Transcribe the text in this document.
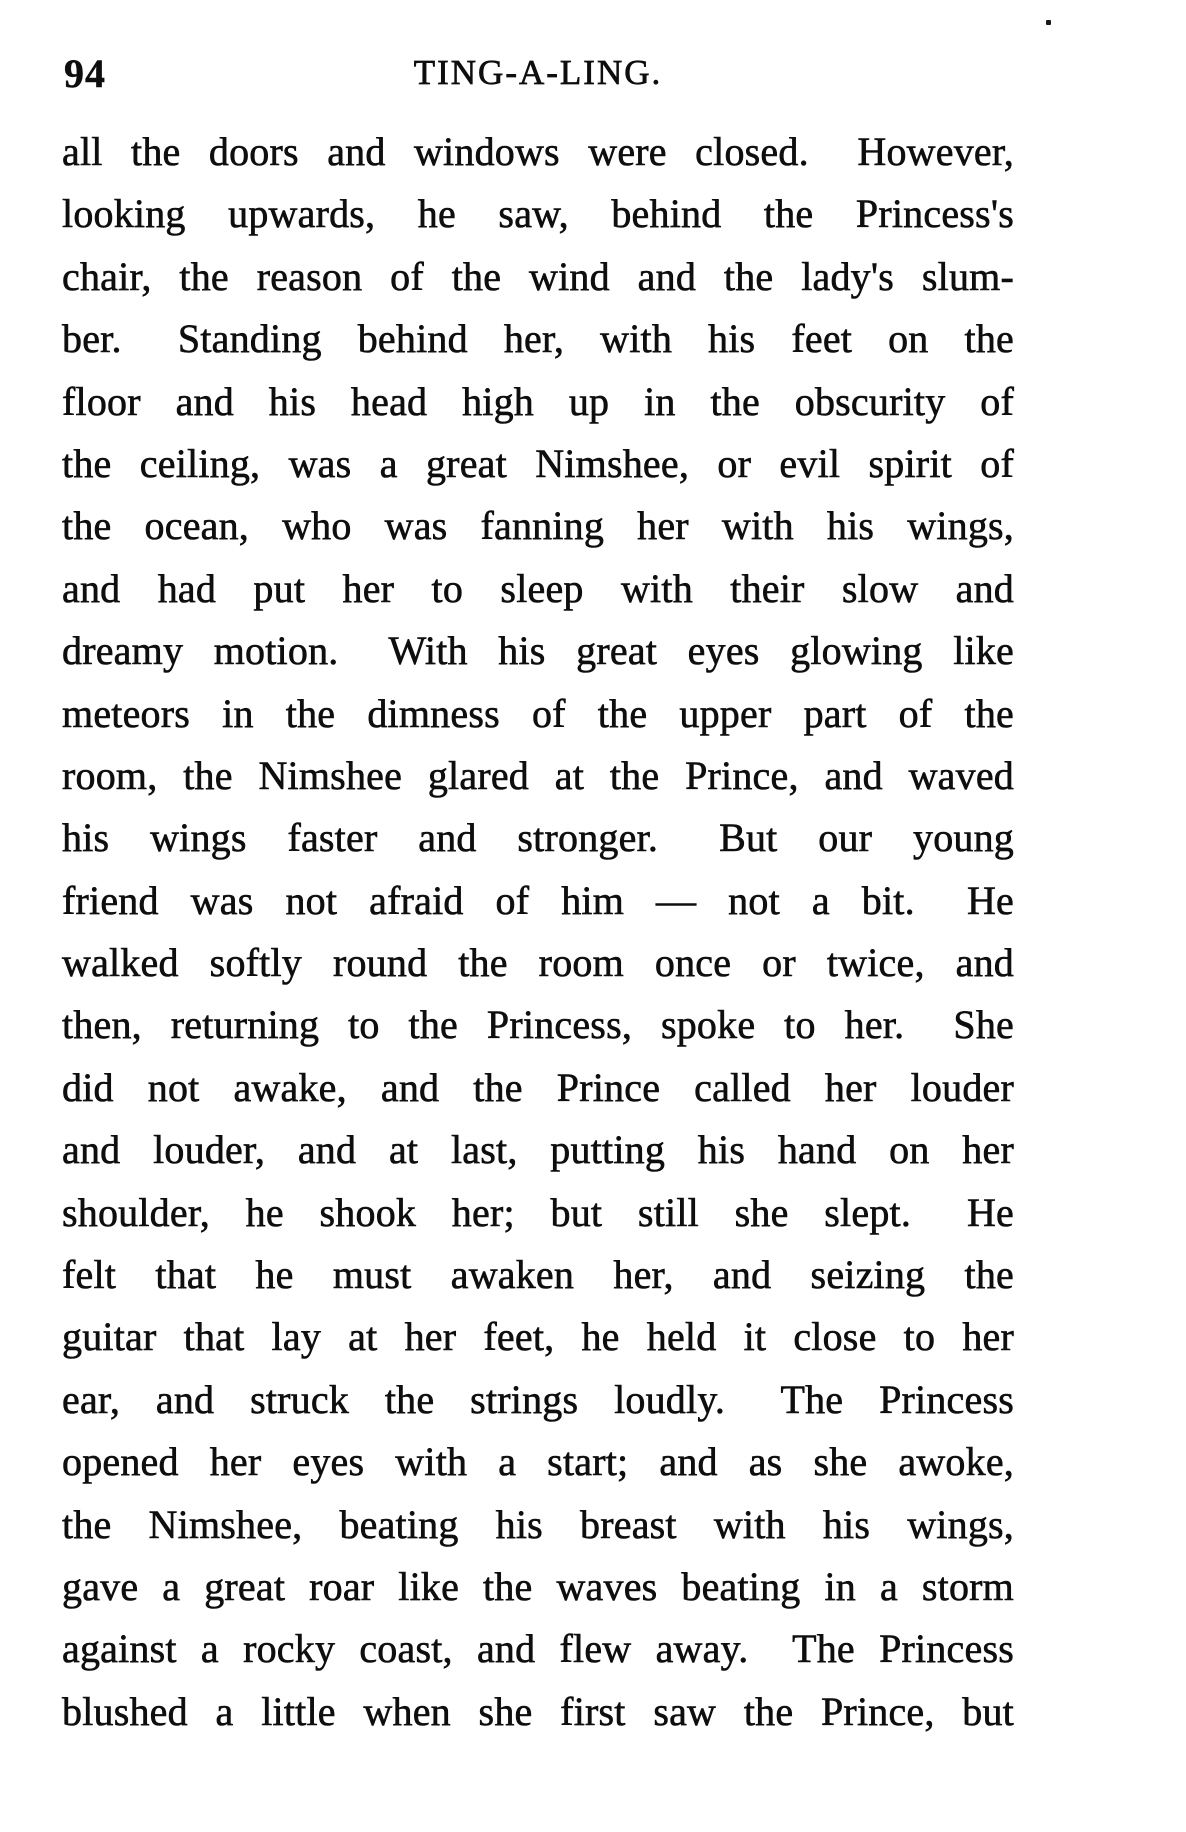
94	TING-A-LING.
all the doors and windows were closed.  However,
looking upwards, he saw, behind the Princess's
chair, the reason of the wind and the lady's slum-
ber.  Standing behind her, with his feet on the
floor and his head high up in the obscurity of
the ceiling, was a great Nimshee, or evil spirit of
the ocean, who was fanning her with his wings,
and had put her to sleep with their slow and
dreamy motion.  With his great eyes glowing like
meteors in the dimness of the upper part of the
room, the Nimshee glared at the Prince, and waved
his wings faster and stronger.  But our young
friend was not afraid of him — not a bit.  He
walked softly round the room once or twice, and
then, returning to the Princess, spoke to her.  She
did not awake, and the Prince called her louder
and louder, and at last, putting his hand on her
shoulder, he shook her; but still she slept.  He
felt that he must awaken her, and seizing the
guitar that lay at her feet, he held it close to her
ear, and struck the strings loudly.  The Princess
opened her eyes with a start; and as she awoke,
the Nimshee, beating his breast with his wings,
gave a great roar like the waves beating in a storm
against a rocky coast, and flew away.  The Princess
blushed a little when she first saw the Prince, but
